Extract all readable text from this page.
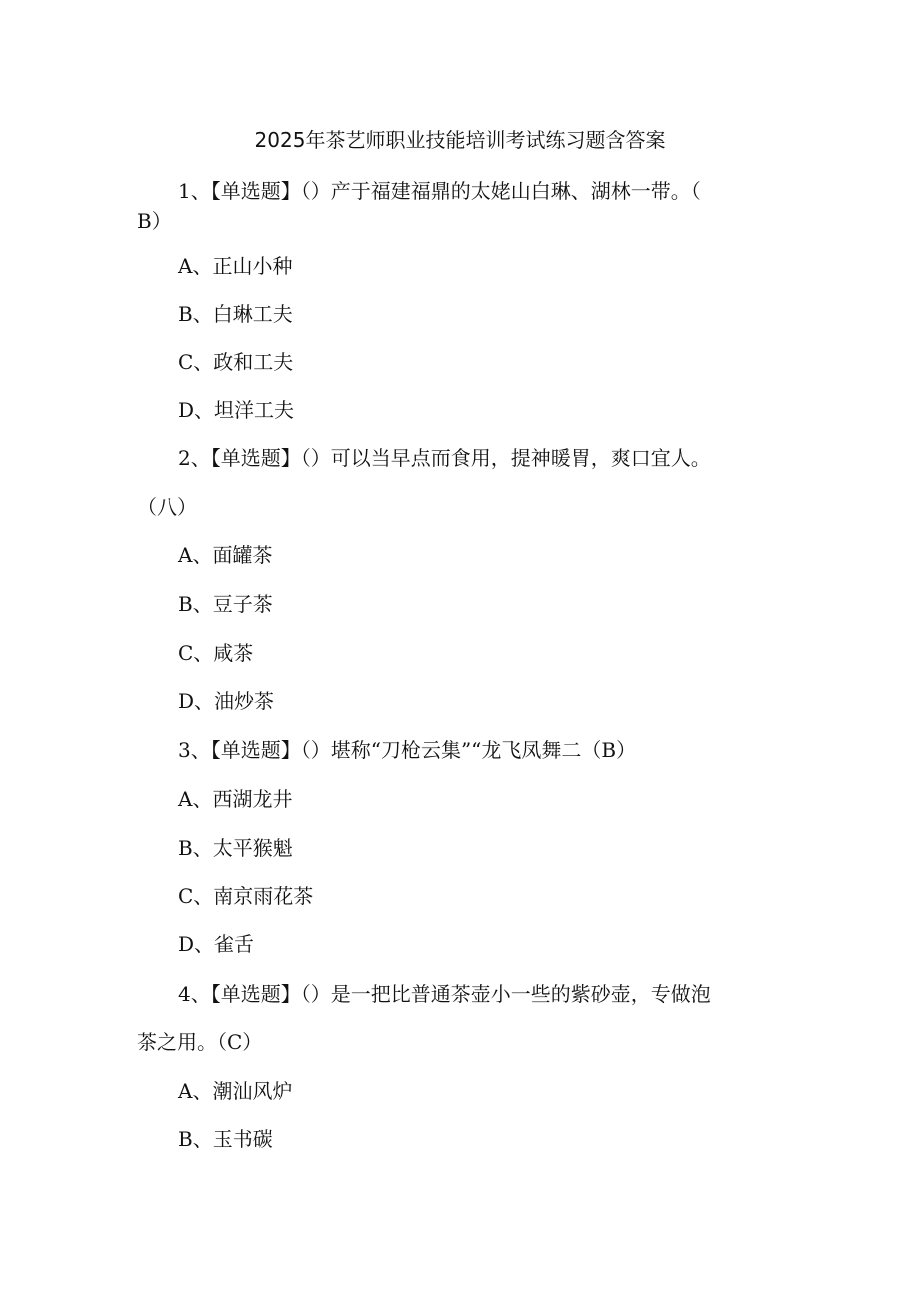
2025年茶艺师职业技能培训考试练习题含答案

1、【单选题】（）产于福建福鼎的太姥山白琳、湖林一带。（

B）

A、正山小种

B、白琳工夫

C、政和工夫

D、坦洋工夫

2、【单选题】（）可以当早点而食用，提神暖胃，爽口宜人。

（八）

A、面罐茶

B、豆子茶

C、咸茶

D、油炒茶

3、【单选题】（）堪称“刀枪云集”“龙飞凤舞二（B）

A、西湖龙井

B、太平猴魁

C、南京雨花茶

D、雀舌

4、【单选题】（）是一把比普通茶壶小一些的紫砂壶，专做泡

茶之用。（C）

A、潮汕风炉

B、玉书碳
